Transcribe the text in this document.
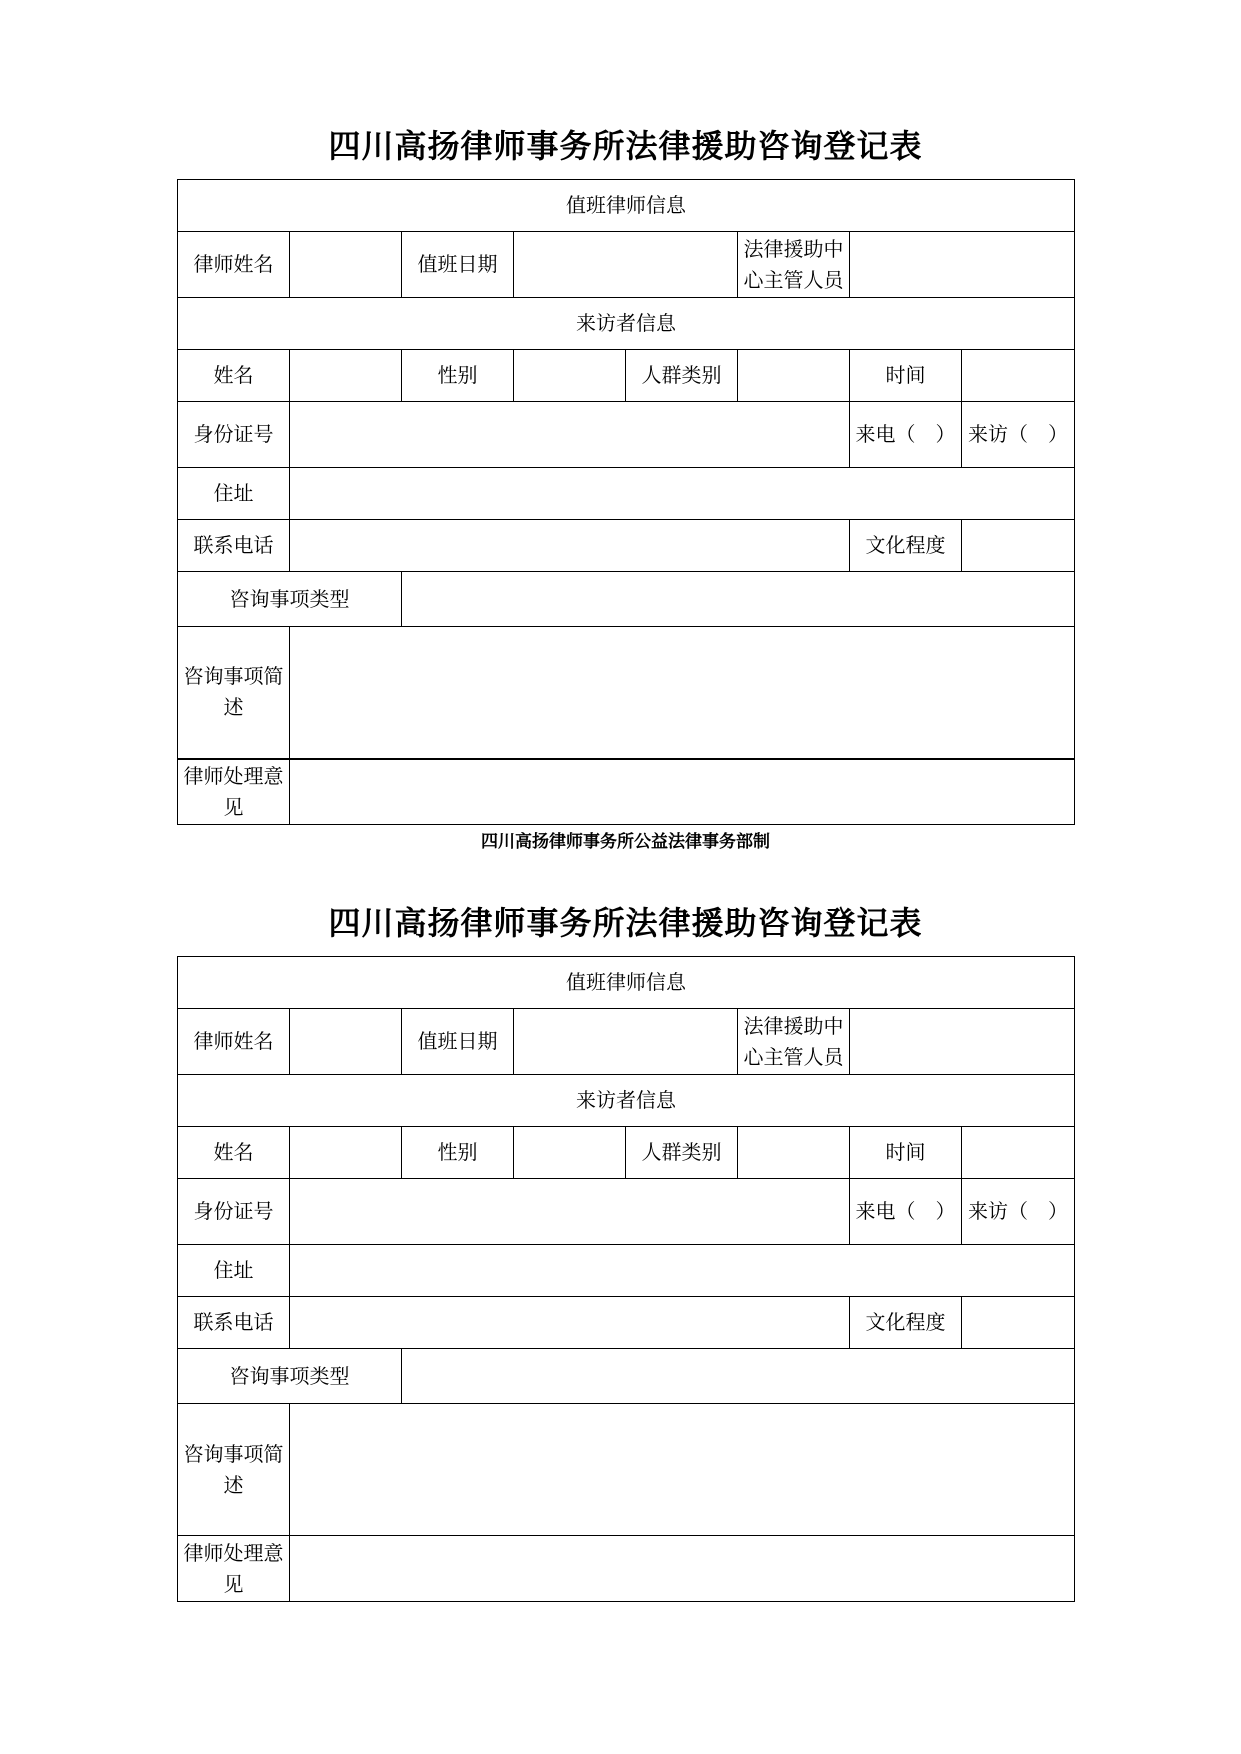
四川高扬律师事务所法律援助咨询登记表
值班律师信息							
律师姓名		值班日期			法律援助中心主管人员		
来访者信息							
姓名		性别		人群类别		时间	
身份证号						来电（　）	来访（　）
住址							
联系电话						文化程度	
咨询事项类型							
咨询事项简述							
律师处理意见							
四川高扬律师事务所公益法律事务部制
四川高扬律师事务所法律援助咨询登记表
值班律师信息							
律师姓名		值班日期			法律援助中心主管人员		
来访者信息							
姓名		性别		人群类别		时间	
身份证号						来电（　）	来访（　）
住址							
联系电话						文化程度	
咨询事项类型							
咨询事项简述							
律师处理意见							
